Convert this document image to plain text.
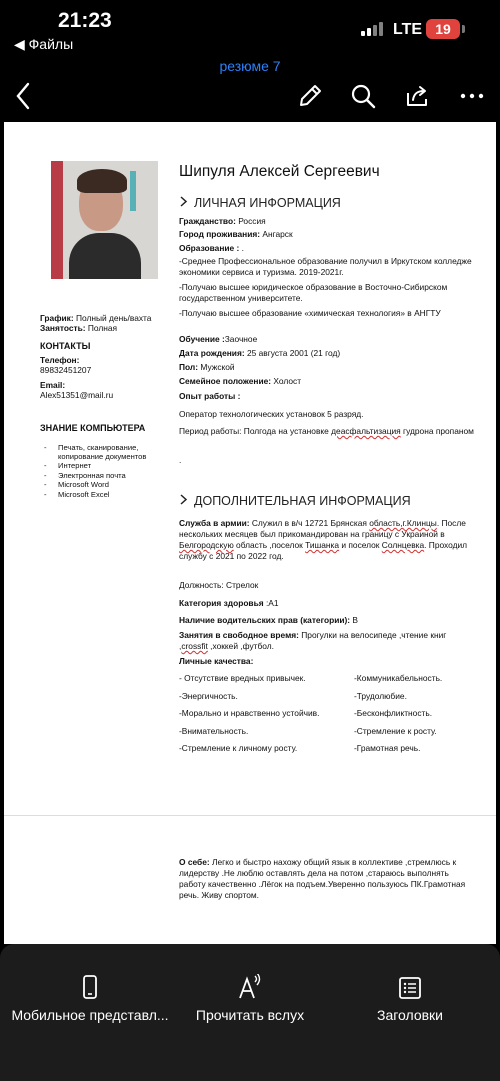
21:23
◀ Файлы
LTE 19
резюме 7
График: Полный день/вахта
Занятость: Полная
КОНТАКТЫ
Телефон:
89832451207
Email:
Alex51351@mail.ru
ЗНАНИЕ КОМПЬЮТЕРА
- Печать, сканирование, копирование документов
- Интернет
- Электронная почта
- Microsoft Word
- Microsoft Excel
Шипуля Алексей Сергеевич
ЛИЧНАЯ ИНФОРМАЦИЯ
Гражданство: Россия
Город проживания: Ангарск
Образование : .
-Среднее Профессиональное образование получил в Иркутском колледже экономики сервиса и туризма. 2019-2021г.
-Получаю высшее юридическое образование в Восточно-Сибирском государственном университете.
-Получаю высшее образование «химическая технология» в АНГТУ
Обучение :Заочное
Дата рождения: 25 августа 2001 (21 год)
Пол: Мужской
Семейное положение: Холост
Опыт работы :
Оператор технологических установок 5 разряд.
Период работы: Полгода на установке деасфальтизация гудрона пропаном
.
ДОПОЛНИТЕЛЬНАЯ ИНФОРМАЦИЯ
Служба в армии: Служил в в/ч 12721 Брянская область,г.Клинцы. После нескольких месяцев был прикомандирован на границу с Украиной в Белгородскую область ,поселок Тишанка и поселок Солнцевка. Проходил службу с 2021 по 2022 год.
Должность: Стрелок
Категория здоровья :А1
Наличие водительских прав (категории): В
Занятия в свободное время: Прогулки на велосипеде ,чтение книг ,crossfit ,хоккей ,футбол.
Личные качества:
- Отсутствие вредных привычек.
-Энергичность.
-Морально и нравственно устойчив.
-Внимательность.
-Стремление к личному росту.
-Коммуникабельность.
-Трудолюбие.
-Бесконфликтность.
-Стремление к росту.
-Грамотная речь.
О себе: Легко и быстро нахожу общий язык в коллективе ,стремлюсь к лидерству .Не люблю оставлять дела на потом ,стараюсь выполнять работу качественно .Лёгок на подъем.Уверенно пользуюсь ПК.Грамотная речь. Живу спортом.
Мобильное представл...	Прочитать вслух	Заголовки
